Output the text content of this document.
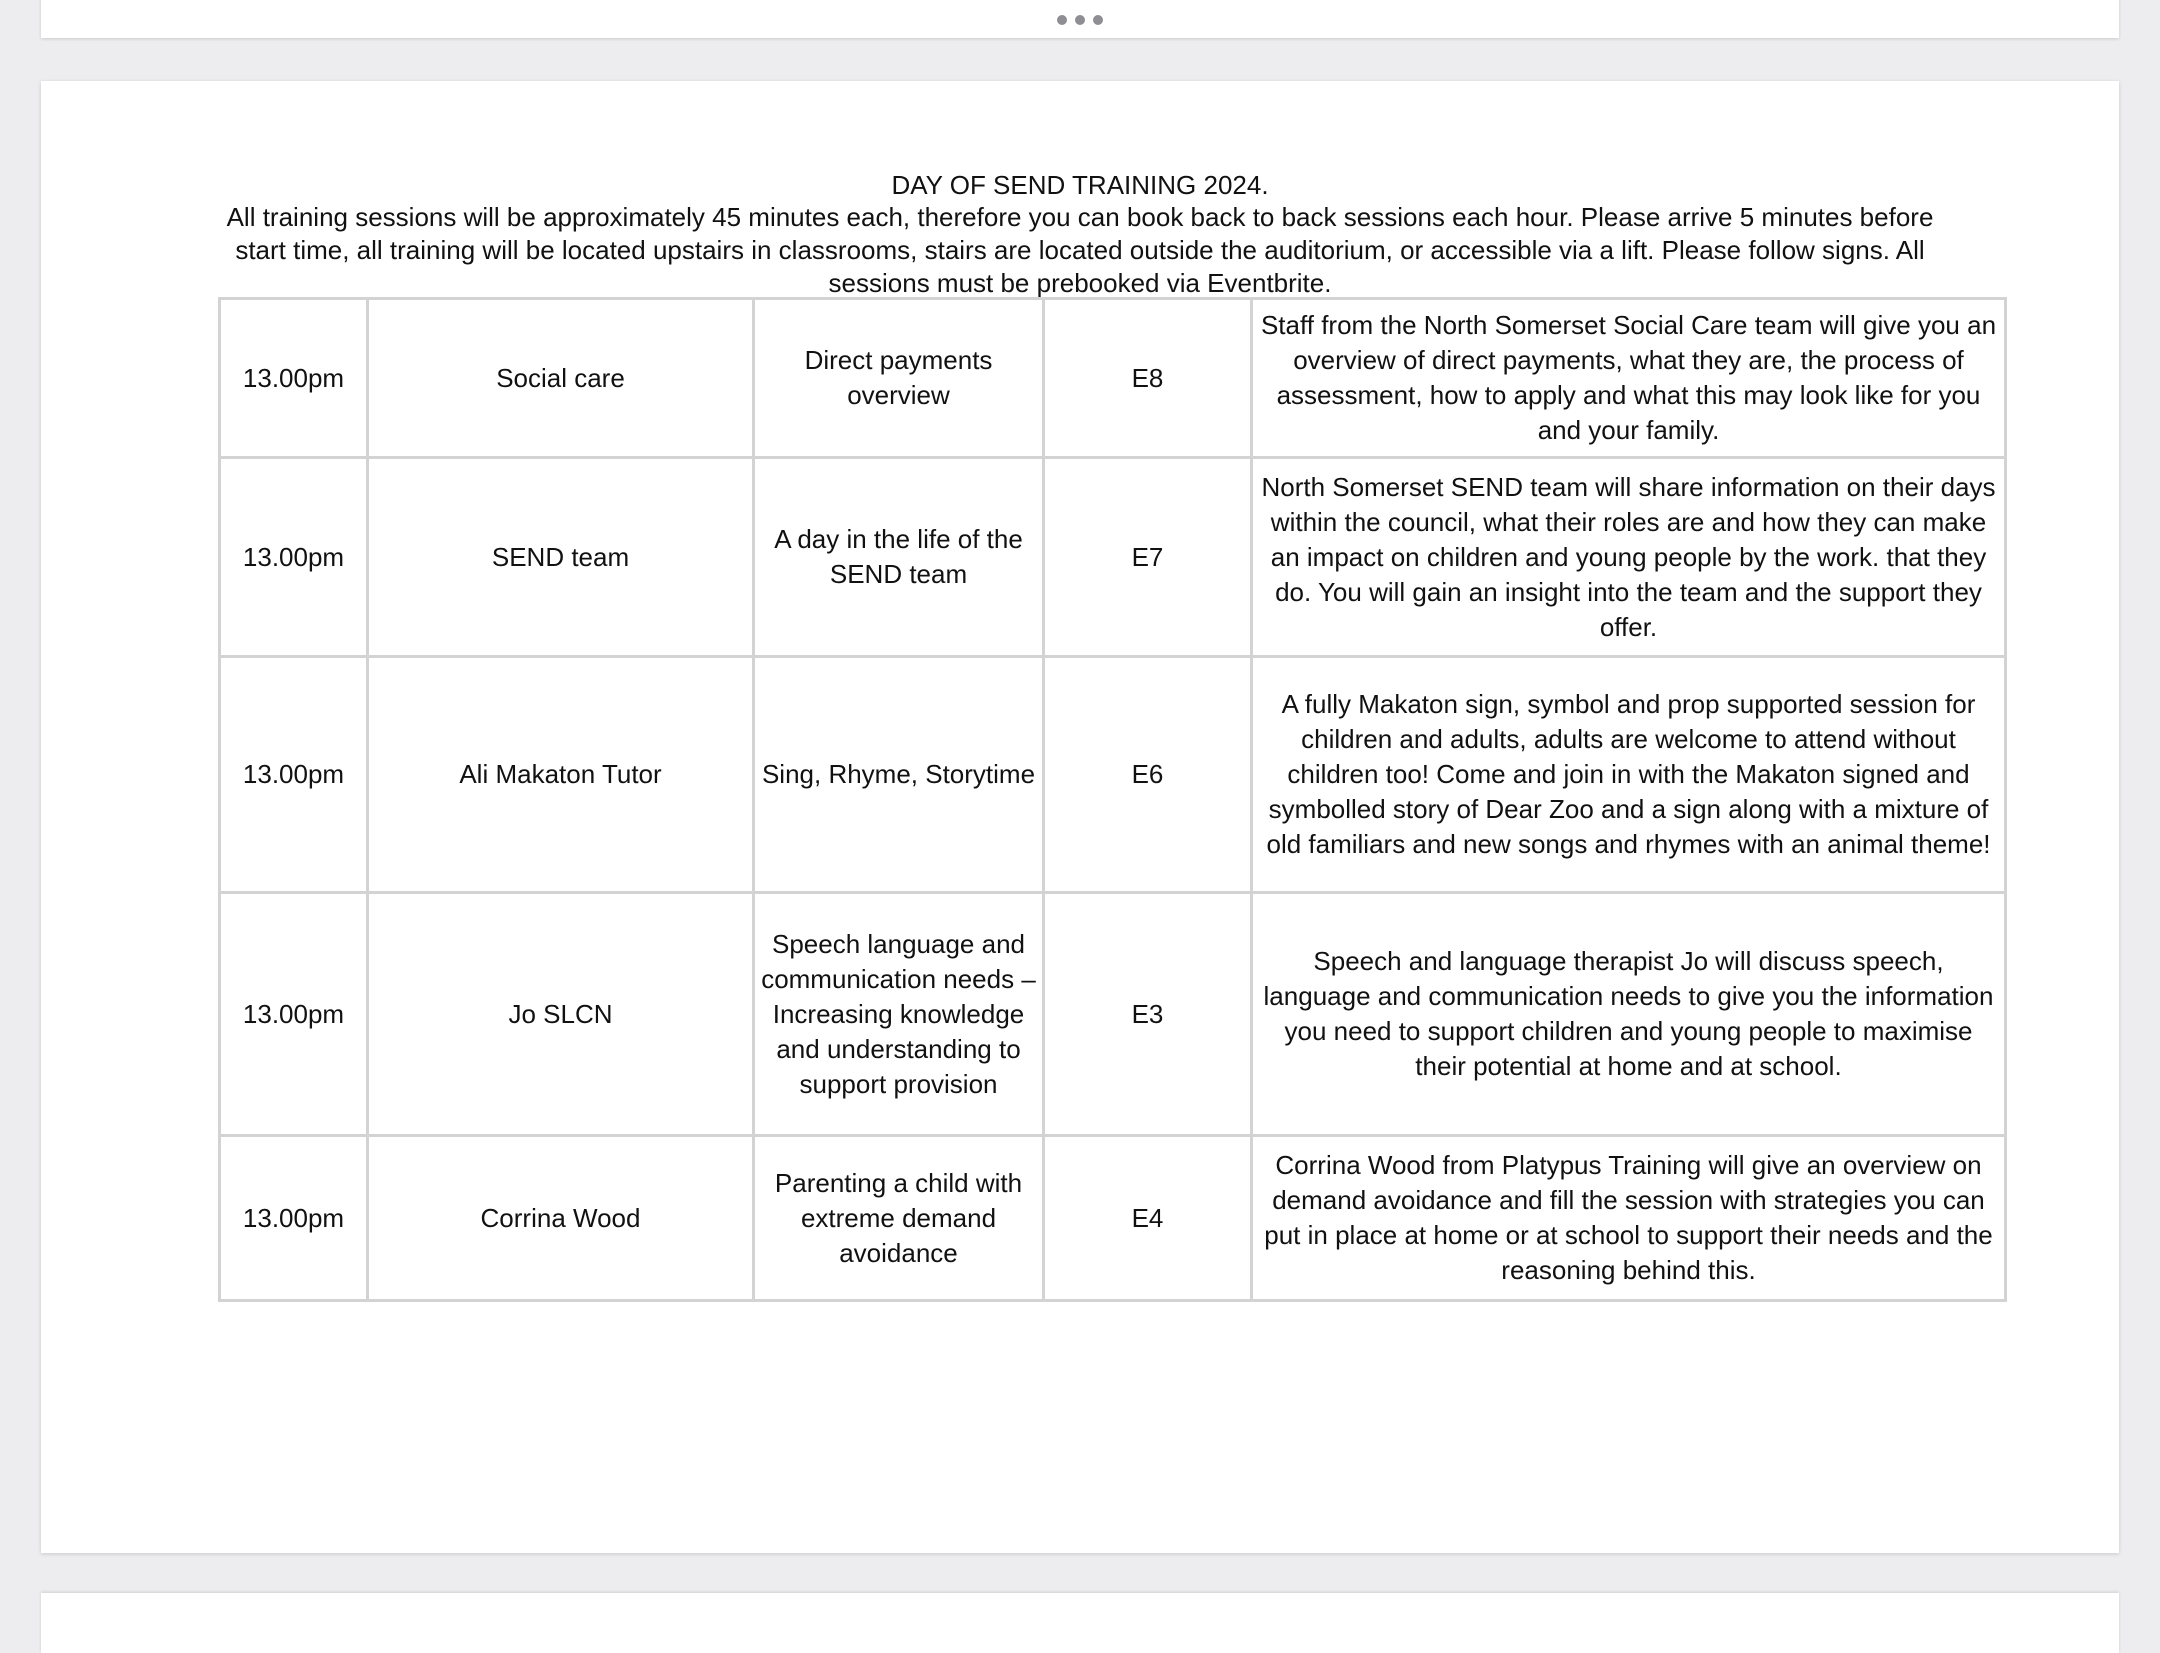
DAY OF SEND TRAINING 2024.

All training sessions will be approximately 45 minutes each, therefore you can book back to back sessions each hour. Please arrive 5 minutes before start time, all training will be located upstairs in classrooms, stairs are located outside the auditorium, or accessible via a lift. Please follow signs. All sessions must be prebooked via Eventbrite.

13.00pm	Social care	Direct payments overview	E8	Staff from the North Somerset Social Care team will give you an overview of direct payments, what they are, the process of assessment, how to apply and what this may look like for you and your family.
13.00pm	SEND team	A day in the life of the SEND team	E7	North Somerset SEND team will share information on their days within the council, what their roles are and how they can make an impact on children and young people by the work. that they do. You will gain an insight into the team and the support they offer.
13.00pm	Ali Makaton Tutor	Sing, Rhyme, Storytime	E6	A fully Makaton sign, symbol and prop supported session for children and adults, adults are welcome to attend without children too! Come and join in with the Makaton signed and symbolled story of Dear Zoo and a sign along with a mixture of old familiars and new songs and rhymes with an animal theme!
13.00pm	Jo SLCN	Speech language and communication needs – Increasing knowledge and understanding to support provision	E3	Speech and language therapist Jo will discuss speech, language and communication needs to give you the information you need to support children and young people to maximise their potential at home and at school.
13.00pm	Corrina Wood	Parenting a child with extreme demand avoidance	E4	Corrina Wood from Platypus Training will give an overview on demand avoidance and fill the session with strategies you can put in place at home or at school to support their needs and the reasoning behind this.
